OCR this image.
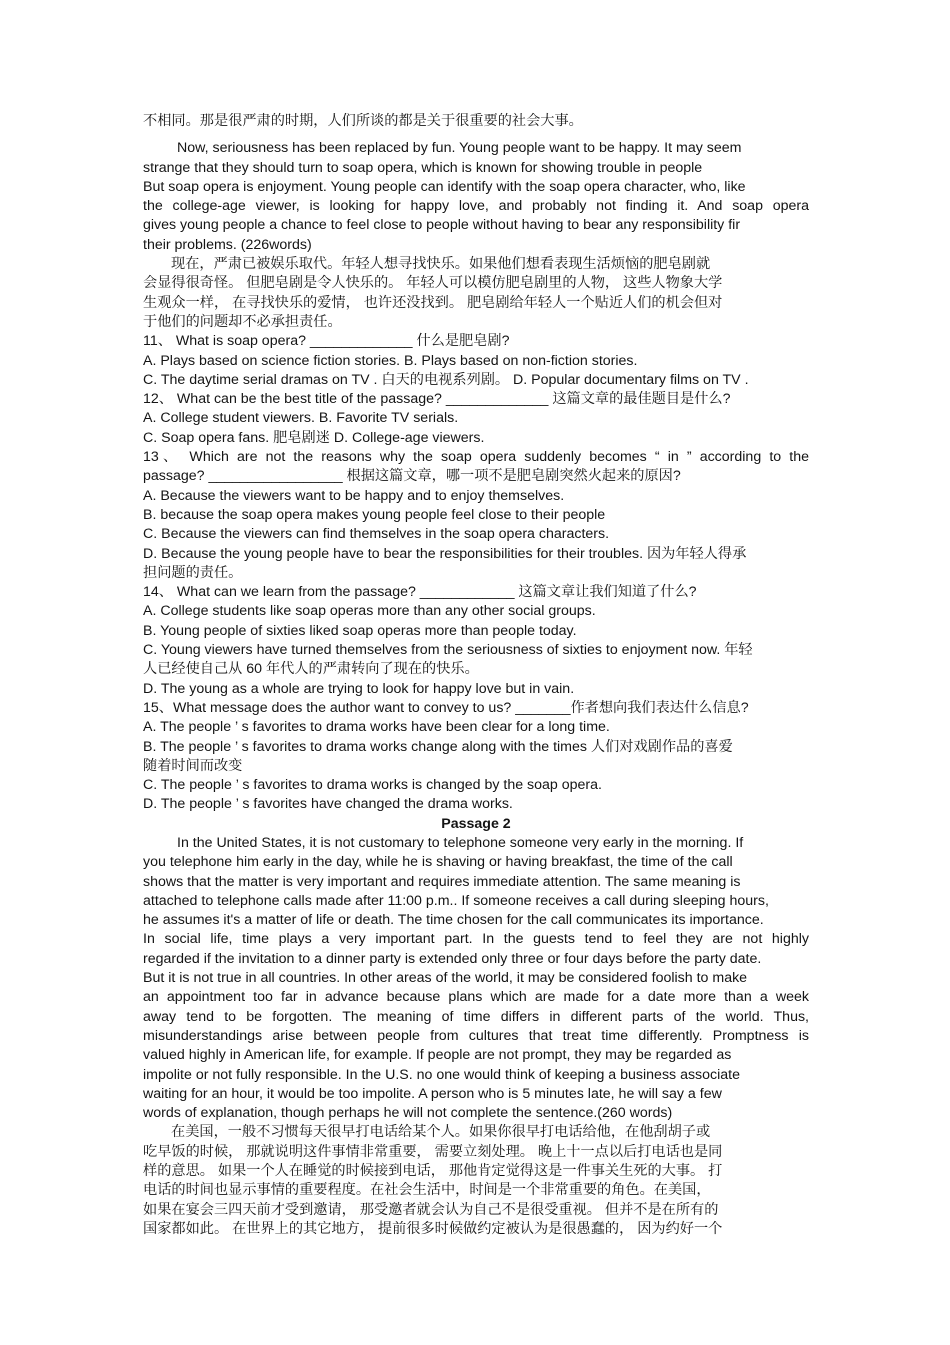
不相同。那是很严肃的时期，人们所谈的都是关于很重要的社会大事。
Now, seriousness has been replaced by fun. Young people want to be happy. It may seem
strange that they should turn to soap opera, which is known for showing trouble in people
But soap opera is enjoyment. Young people can identify with the soap opera character, who, like
the college-age viewer, is looking for happy love, and probably not finding it. And soap opera
gives young people a chance to feel close to people without having to bear any responsibility fir
their problems. (226words)
现在，严肃已被娱乐取代。年轻人想寻找快乐。如果他们想看表现生活烦恼的肥皂剧就
会显得很奇怪。 但肥皂剧是令人快乐的。 年轻人可以模仿肥皂剧里的人物， 这些人物象大学
生观众一样， 在寻找快乐的爱情， 也许还没找到。 肥皂剧给年轻人一个贴近人们的机会但对
于他们的问题却不必承担责任。
11、 What is soap opera? _____________ 什么是肥皂剧?
A. Plays based on science fiction stories. B. Plays based on non-fiction stories.
C. The daytime serial dramas on TV . 白天的电视系列剧。 D. Popular documentary films on TV .
12、 What can be the best title of the passage? _____________ 这篇文章的最佳题目是什么?
A. College student viewers. B. Favorite TV serials.
C. Soap opera fans. 肥皂剧迷 D. College-age viewers.
13、 Which are not the reasons why the soap opera suddenly becomes “ in ” according to the
passage? _________________ 根据这篇文章，哪一项不是肥皂剧突然火起来的原因?
A. Because the viewers want to be happy and to enjoy themselves.
B. because the soap opera makes young people feel close to their people
C. Because the viewers can find themselves in the soap opera characters.
D. Because the young people have to bear the responsibilities for their troubles. 因为年轻人得承
担问题的责任。
14、 What can we learn from the passage? ____________ 这篇文章让我们知道了什么?
A. College students like soap operas more than any other social groups.
B. Young people of sixties liked soap operas more than people today.
C. Young viewers have turned themselves from the seriousness of sixties to enjoyment now. 年轻
人已经使自己从 60 年代人的严肃转向了现在的快乐。
D. The young as a whole are trying to look for happy love but in vain.
15、What message does the author want to convey to us? _______作者想向我们表达什么信息?
A. The people ’ s favorites to drama works have been clear for a long time.
B. The people ’ s favorites to drama works change along with the times 人们对戏剧作品的喜爱
随着时间而改变
C. The people ’ s favorites to drama works is changed by the soap opera.
D. The people ’ s favorites have changed the drama works.
Passage 2
In the United States, it is not customary to telephone someone very early in the morning. If
you telephone him early in the day, while he is shaving or having breakfast, the time of the call
shows that the matter is very important and requires immediate attention. The same meaning is
attached to telephone calls made after 11:00 p.m.. If someone receives a call during sleeping hours,
he assumes it's a matter of life or death. The time chosen for the call communicates its importance.
In social life, time plays a very important part. In the guests tend to feel they are not highly
regarded if the invitation to a dinner party is extended only three or four days before the party date.
But it is not true in all countries. In other areas of the world, it may be considered foolish to make
an appointment too far in advance because plans which are made for a date more than a week
away tend to be forgotten. The meaning of time differs in different parts of the world. Thus,
misunderstandings arise between people from cultures that treat time differently. Promptness is
valued highly in American life, for example. If people are not prompt, they may be regarded as
impolite or not fully responsible. In the U.S. no one would think of keeping a business associate
waiting for an hour, it would be too impolite. A person who is 5 minutes late, he will say a few
words of explanation, though perhaps he will not complete the sentence.(260 words)
在美国，一般不习惯每天很早打电话给某个人。如果你很早打电话给他，在他刮胡子或
吃早饭的时候， 那就说明这件事情非常重要， 需要立刻处理。 晚上十一点以后打电话也是同
样的意思。 如果一个人在睡觉的时候接到电话， 那他肯定觉得这是一件事关生死的大事。 打
电话的时间也显示事情的重要程度。在社会生活中，时间是一个非常重要的角色。在美国，
如果在宴会三四天前才受到邀请， 那受邀者就会认为自己不是很受重视。 但并不是在所有的
国家都如此。 在世界上的其它地方， 提前很多时候做约定被认为是很愚蠢的， 因为约好一个
